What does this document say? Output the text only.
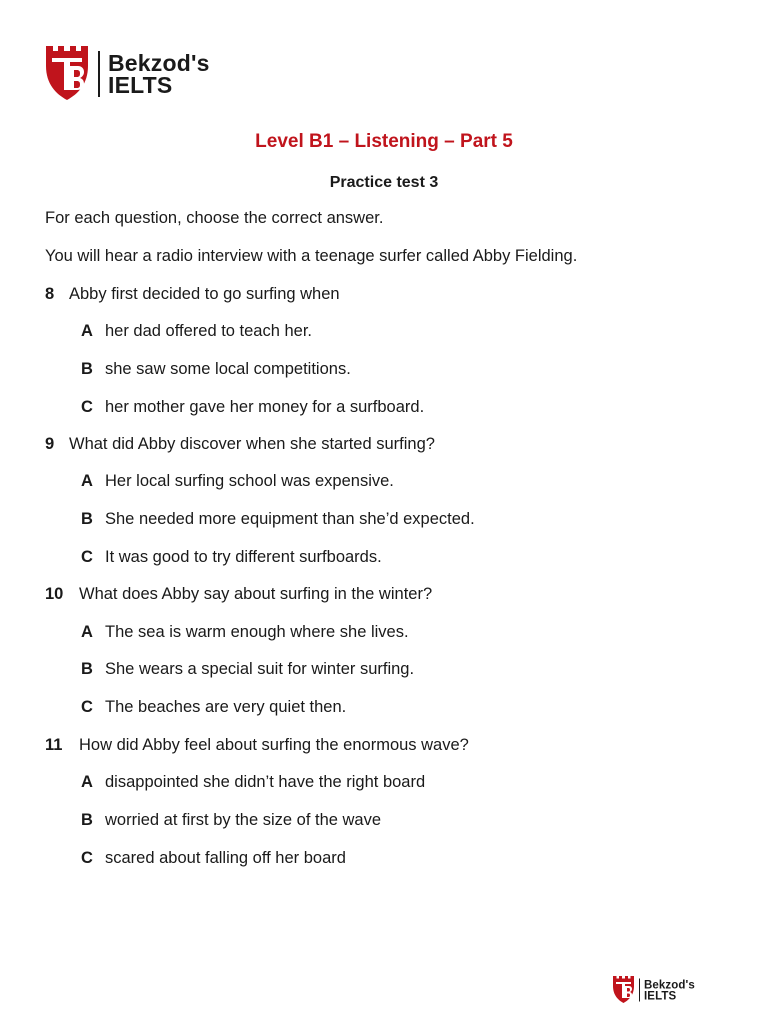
Bekzod's
IELTS
Level B1 – Listening – Part 5
Practice test 3
For each question, choose the correct answer.
You will hear a radio interview with a teenage surfer called Abby Fielding.
8 Abby first decided to go surfing when
A her dad offered to teach her.
B she saw some local competitions.
C her mother gave her money for a surfboard.
9 What did Abby discover when she started surfing?
A Her local surfing school was expensive.
B She needed more equipment than she’d expected.
C It was good to try different surfboards.
10 What does Abby say about surfing in the winter?
A The sea is warm enough where she lives.
B She wears a special suit for winter surfing.
C The beaches are very quiet then.
11 How did Abby feel about surfing the enormous wave?
A disappointed she didn’t have the right board
B worried at first by the size of the wave
C scared about falling off her board
Bekzod's
IELTS
